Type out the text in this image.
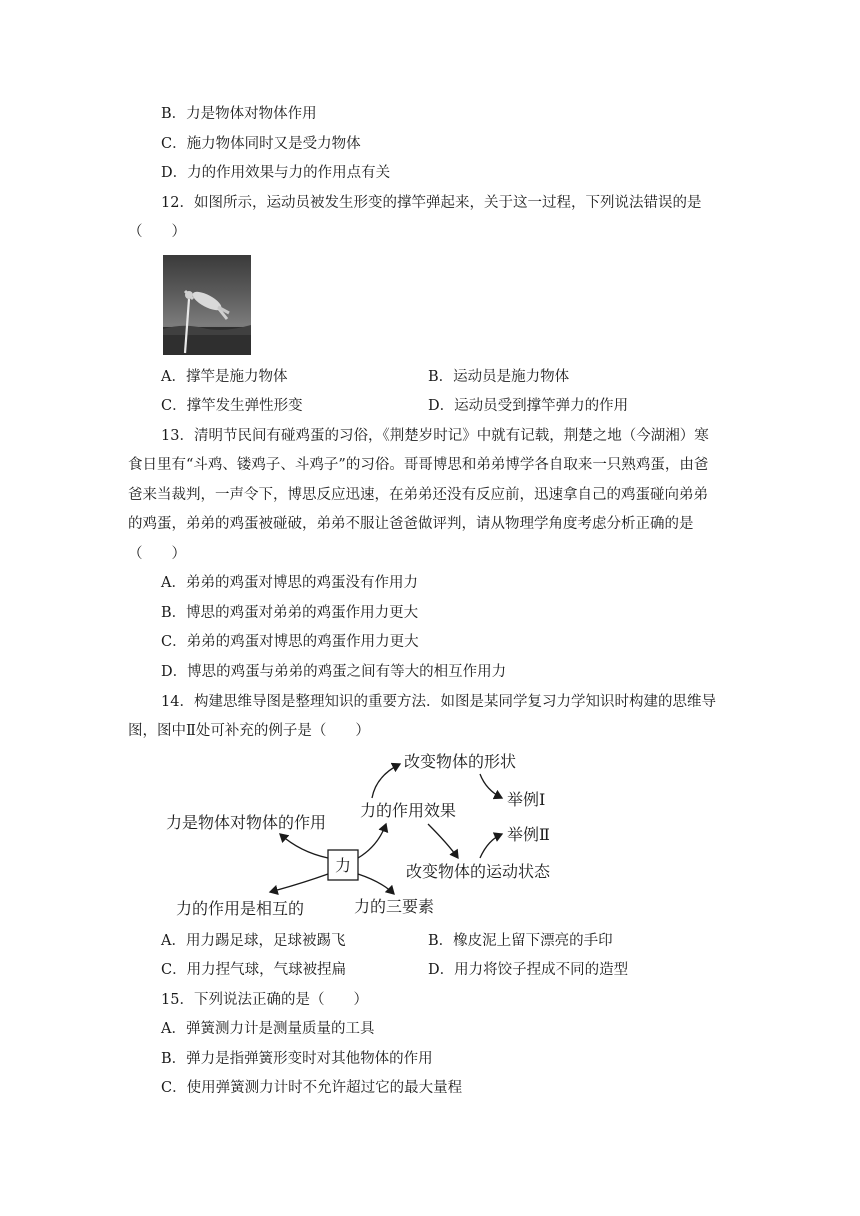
B．力是物体对物体作用
C．施力物体同时又是受力物体
D．力的作用效果与力的作用点有关
12．如图所示，运动员被发生形变的撑竿弹起来，关于这一过程，下列说法错误的是
（　　）
A．撑竿是施力物体	B．运动员是施力物体
C．撑竿发生弹性形变	D．运动员受到撑竿弹力的作用
13．清明节民间有碰鸡蛋的习俗，《荆楚岁时记》中就有记载，荆楚之地（今湖湘）寒
食日里有“斗鸡、镂鸡子、斗鸡子”的习俗。哥哥博思和弟弟博学各自取来一只熟鸡蛋，由爸
爸来当裁判，一声令下，博思反应迅速，在弟弟还没有反应前，迅速拿自己的鸡蛋碰向弟弟
的鸡蛋，弟弟的鸡蛋被碰破，弟弟不服让爸爸做评判，请从物理学角度考虑分析正确的是
（　　）
A．弟弟的鸡蛋对博思的鸡蛋没有作用力
B．博思的鸡蛋对弟弟的鸡蛋作用力更大
C．弟弟的鸡蛋对博思的鸡蛋作用力更大
D．博思的鸡蛋与弟弟的鸡蛋之间有等大的相互作用力
14．构建思维导图是整理知识的重要方法．如图是某同学复习力学知识时构建的思维导
图，图中Ⅱ处可补充的例子是（　　）
力
力是物体对物体的作用
力的作用是相互的
力的作用效果
力的三要素
改变物体的形状
举例Ⅰ
举例Ⅱ
改变物体的运动状态
A．用力踢足球，足球被踢飞	B．橡皮泥上留下漂亮的手印
C．用力捏气球，气球被捏扁	D．用力将饺子捏成不同的造型
15．下列说法正确的是（　　）
A．弹簧测力计是测量质量的工具
B．弹力是指弹簧形变时对其他物体的作用
C．使用弹簧测力计时不允许超过它的最大量程
